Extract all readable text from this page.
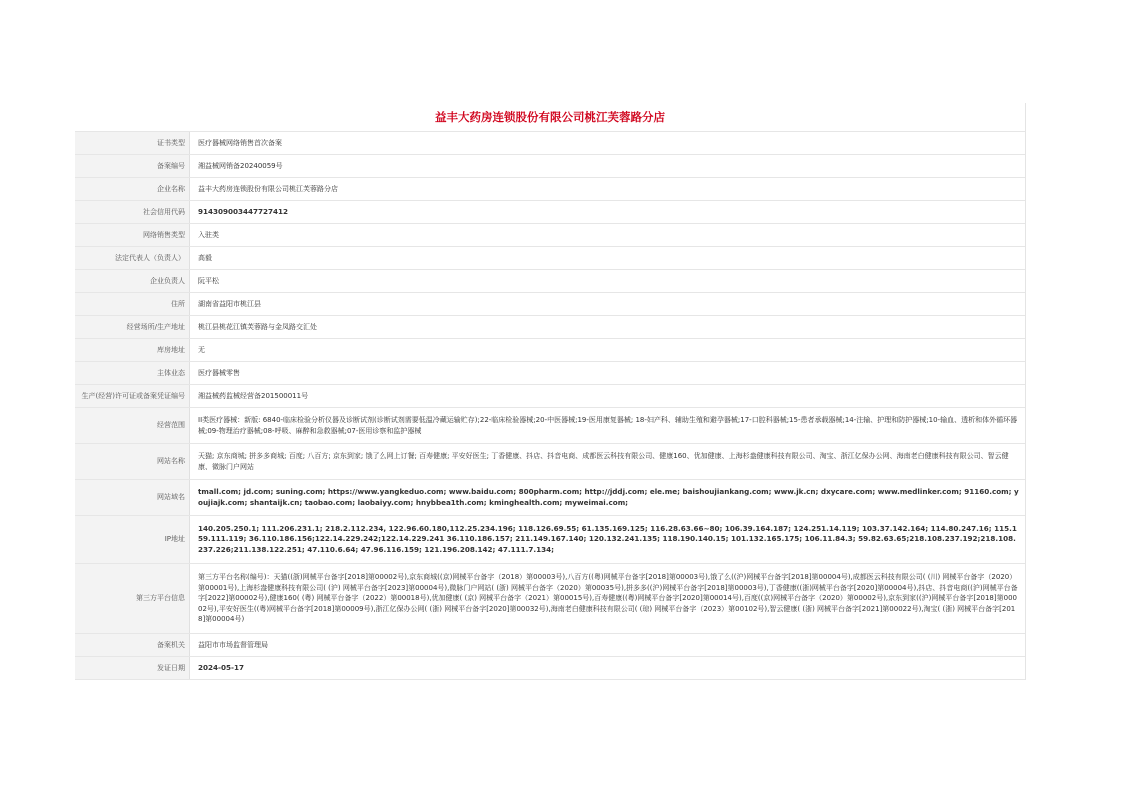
益丰大药房连锁股份有限公司桃江芙蓉路分店
证书类型	医疗器械网络销售首次备案
备案编号	湘益械网销备20240059号
企业名称	益丰大药房连锁股份有限公司桃江芙蓉路分店
社会信用代码	91430900344​7727412
网络销售类型	入驻类
法定代表人（负责人）	高毅
企业负责人	阮平松
住所	湖南省益阳市桃江县
经营场所/生产地址	桃江县桃花江镇芙蓉路与金凤路交汇处
库房地址	无
主体业态	医疗器械零售
生产(经营)许可证或备案凭证编号	湘益械药监械经营备201500011号
经营范围	II类医疗器械：新版: 6840-临床检验分析仪器及诊断试剂(诊断试剂需要低温冷藏运输贮存);22-临床检验器械;20-中医器械;19-医用康复器械; 18-妇产科、辅助生殖和避孕器械;17-口腔科器械;15-患者承载器械;14-注输、护理和防护器械;10-输血、透析和体外循环器械;09-物理治疗器械;08-呼吸、麻醉和急救器械;07-医用诊察和监护器械
网站名称	天猫; 京东商城; 拼多多商城; 百度; 八百方; 京东到家; 饿了么网上订餐; 百寿健康; 平安好医生; 丁香健康、抖店、抖音电商、成都医云科技有限公司、健康160、优加健康、上海杉盎健康科技有限公司、淘宝、浙江亿保办公网、海南老白健康科技有限公司、智云健康、微脉门户网站
网站域名	tmall.com; jd.com; suning.com; https://www.yangkeduo.com; www.baidu.com; 800pharm.com; http://jddj.com; ele.me; baishoujiankang.com; www.jk.cn; dxycare.com; www.medlinker.com; 91160.com; youjiajk.com; shantaijk.cn; taobao.com; laobaiyy.com; hnybbea1th.com; kminghealth.com; myweimai.com;
IP地址	140.205.250.1; 111.206.231.1; 218.2.112.234, 122.96.60.180,112.25.234.196; 118.126.69.55; 61.135.169.125; 116.28.63.66~80; 106.39.164.187; 124.251.14.119; 103.37.142.164; 114.80.247.16; 115.159.111.119; 36.110.186.156;122.14.229.242;122.14.229.241 36.110.186.157; 211.149.167.140; 120.132.241.135; 118.190.140.15; 101.132.165.175; 106.11.84.3; 59.82.63.65;218.108.237.192;218.108.237.226;211.138.122.251; 47.110.6.64; 47.96.116.159; 121.196.208.142; 47.111.7.134;
第三方平台信息	第三方平台名称(编号)：天猫((浙)网械平台备字[2018]第00002号),京东商城((京)网械平台备字（2018）第00003号),八百方((粤)网械平台备字[2018]第00003号),饿了么((沪)网械平台备字[2018]第00004号),成都医云科技有限公司( (川) 网械平台备字（2020）第00001号),上海杉盎健康科技有限公司( (沪) 网械平台备字[2023]第00004号),微脉门户网站( (浙) 网械平台备字（2020）第00035号),拼多多((沪)网械平台备字[2018]第00003号),丁香健康((浙)网械平台备字[2020]第00004号),抖店、抖音电商((沪)网械平台备字[2022]第00002号),健康160( (粤) 网械平台备字（2022）第00018号),优加健康( (京) 网械平台备字（2021）第00015号),百寿健康((粤)网械平台备字[2020]第00014号),百度((京)网械平台备字（2020）第00002号),京东到家((沪)网械平台备字[2018]第00002号),平安好医生((粤)网械平台备字[2018]第00009号),浙江亿保办公网( (浙) 网械平台备字[2020]第00032号),海南老白健康科技有限公司( (琼) 网械平台备字（2023）第00102号),智云健康( (浙) 网械平台备字[2021]第00022号),淘宝( (浙) 网械平台备字[2018]第00004号)
备案机关	益阳市市场监督管理局
发证日期	2024-05-17
